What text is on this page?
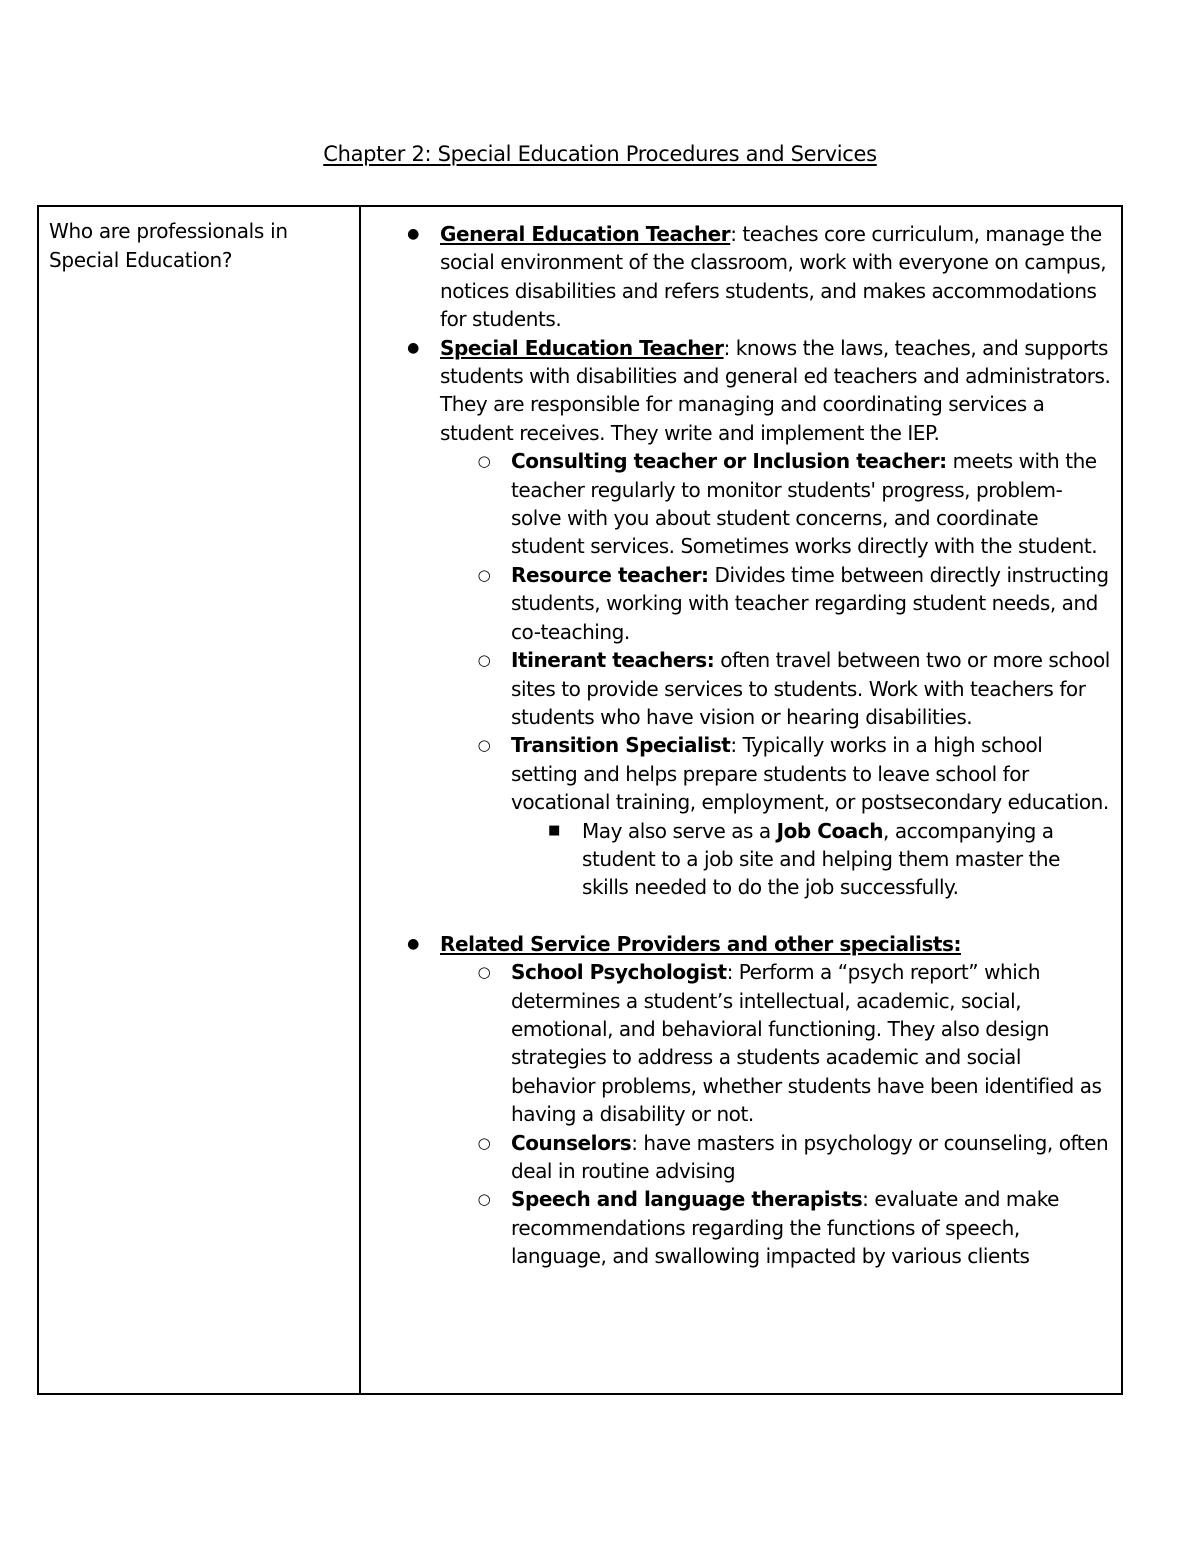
Chapter 2: Special Education Procedures and Services
Who are professionals in Special Education?
● General Education Teacher: teaches core curriculum, manage the social environment of the classroom, work with everyone on campus, notices disabilities and refers students, and makes accommodations for students.
● Special Education Teacher: knows the laws, teaches, and supports students with disabilities and general ed teachers and administrators. They are responsible for managing and coordinating services a student receives. They write and implement the IEP.
○ Consulting teacher or Inclusion teacher: meets with the teacher regularly to monitor students' progress, problem-solve with you about student concerns, and coordinate student services. Sometimes works directly with the student.
○ Resource teacher: Divides time between directly instructing students, working with teacher regarding student needs, and co-teaching.
○ Itinerant teachers: often travel between two or more school sites to provide services to students. Work with teachers for students who have vision or hearing disabilities.
○ Transition Specialist: Typically works in a high school setting and helps prepare students to leave school for vocational training, employment, or postsecondary education.
■ May also serve as a Job Coach, accompanying a student to a job site and helping them master the skills needed to do the job successfully.
● Related Service Providers and other specialists:
○ School Psychologist: Perform a “psych report” which determines a student’s intellectual, academic, social, emotional, and behavioral functioning. They also design strategies to address a students academic and social behavior problems, whether students have been identified as having a disability or not.
○ Counselors: have masters in psychology or counseling, often deal in routine advising
○ Speech and language therapists: evaluate and make recommendations regarding the functions of speech, language, and swallowing impacted by various clients
